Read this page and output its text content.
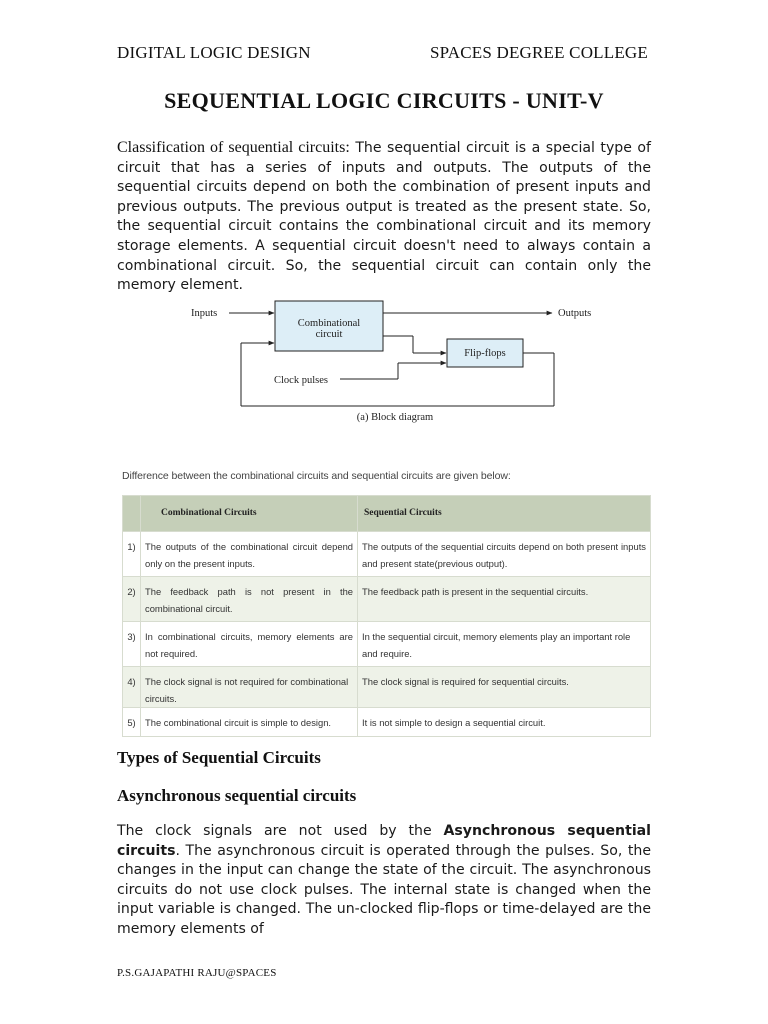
DIGITAL LOGIC DESIGN	SPACES DEGREE COLLEGE
SEQUENTIAL LOGIC CIRCUITS - UNIT-V
Classification of sequential circuits: The sequential circuit is a special type of circuit that has a series of inputs and outputs. The outputs of the sequential circuits depend on both the combination of present inputs and previous outputs. The previous output is treated as the present state. So, the sequential circuit contains the combinational circuit and its memory storage elements. A sequential circuit doesn't need to always contain a combinational circuit. So, the sequential circuit can contain only the memory element.
Inputs
Combinational
circuit
Outputs
Flip-flops
Clock pulses
(a) Block diagram
Difference between the combinational circuits and sequential circuits are given below:
	Combinational Circuits	Sequential Circuits
1)	The outputs of the combinational circuit depend only on the present inputs.	The outputs of the sequential circuits depend on both present inputs and present state(previous output).
2)	The feedback path is not present in the combinational circuit.	The feedback path is present in the sequential circuits.
3)	In combinational circuits, memory elements are not required.	In the sequential circuit, memory elements play an important role and require.
4)	The clock signal is not required for combinational circuits.	The clock signal is required for sequential circuits.
5)	The combinational circuit is simple to design.	It is not simple to design a sequential circuit.
Types of Sequential Circuits
Asynchronous sequential circuits
The clock signals are not used by the Asynchronous sequential circuits. The asynchronous circuit is operated through the pulses. So, the changes in the input can change the state of the circuit. The asynchronous circuits do not use clock pulses. The internal state is changed when the input variable is changed. The un-clocked flip-flops or time-delayed are the memory elements of
P.S.GAJAPATHI RAJU@SPACES
